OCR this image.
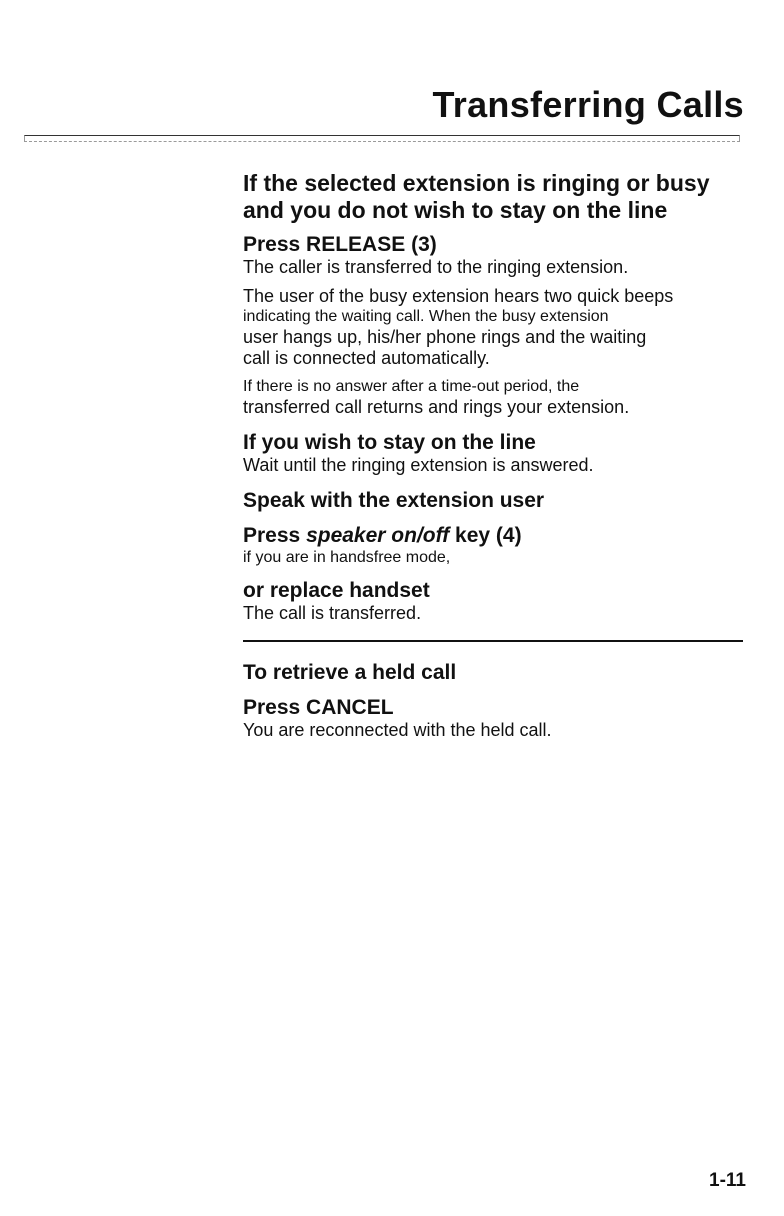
Transferring Calls
If the selected extension is ringing or busy
and you do not wish to stay on the line
Press RELEASE (3)

The caller is transferred to the ringing extension.

The user of the busy extension hears two quick beeps

indicating the waiting call. When the busy extension

user hangs up, his/her phone rings and the waiting

call is connected automatically.

If there is no answer after a time-out period, the

transferred call returns and rings your extension.

If you wish to stay on the line

Wait until the ringing extension is answered.

Speak with the extension user
Press speaker on/off key (4)

if you are in handsfree mode,

or replace handset

The call is transferred.

To retrieve a held call
Press CANCEL

You are reconnected with the held call.

1-11
